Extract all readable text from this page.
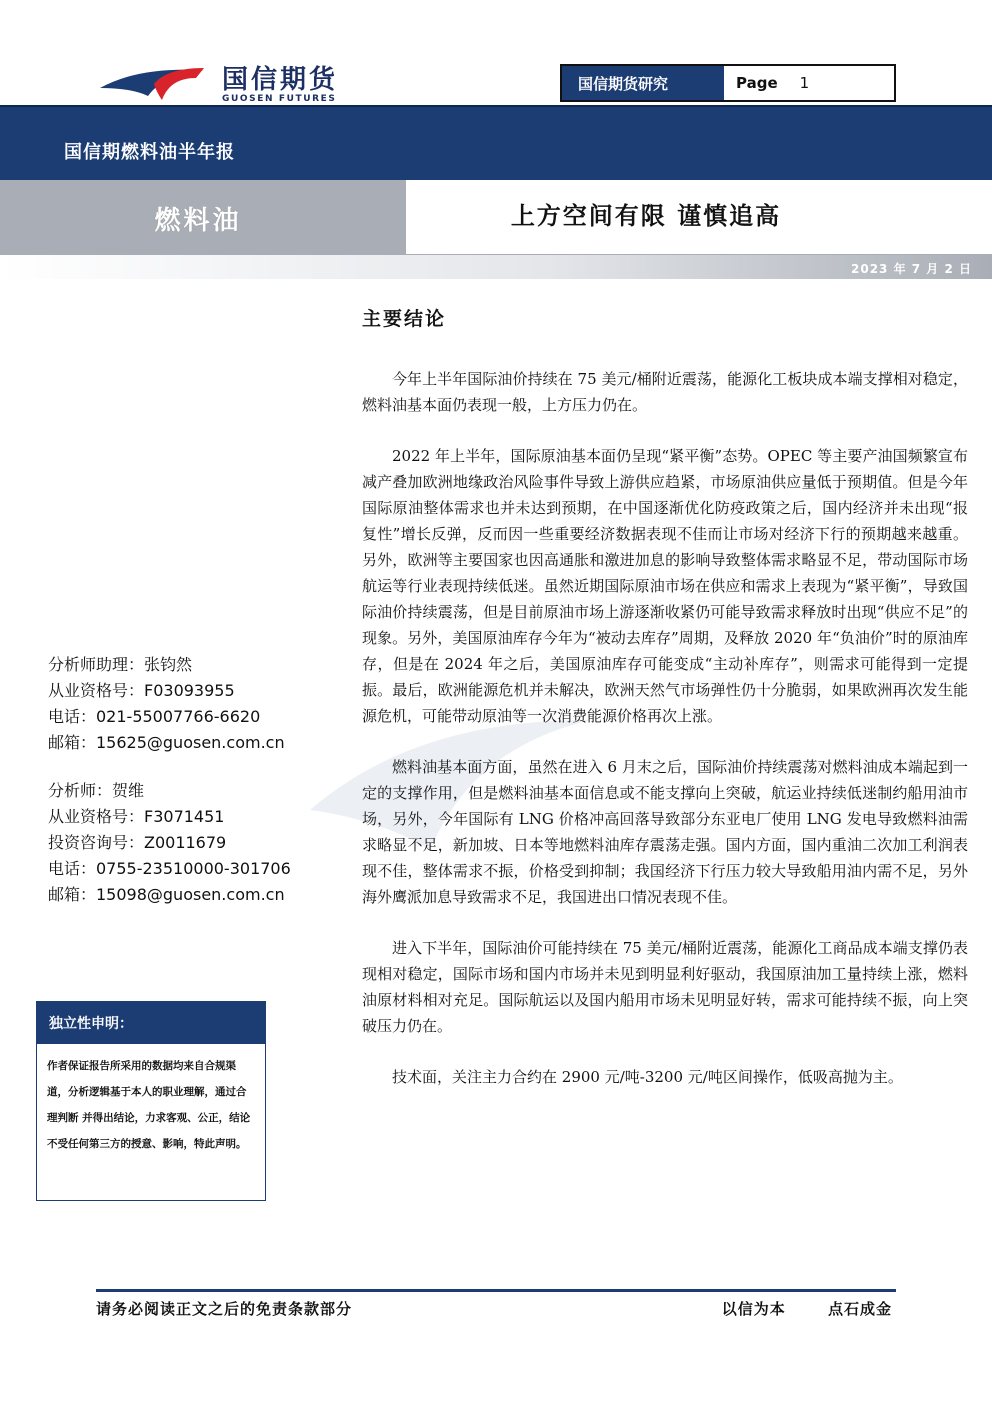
国信期货
GUOSEN FUTURES
国信期货研究	Page 1
国信期燃料油半年报
燃料油	上方空间有限 谨慎追高
2023 年 7 月 2 日
主要结论

今年上半年国际油价持续在 75 美元/桶附近震荡，能源化工板块成本端支撑相对稳定，燃料油基本面仍表现一般，上方压力仍在。

2022 年上半年，国际原油基本面仍呈现“紧平衡”态势。OPEC 等主要产油国频繁宣布减产叠加欧洲地缘政治风险事件导致上游供应趋紧，市场原油供应量低于预期值。但是今年国际原油整体需求也并未达到预期，在中国逐渐优化防疫政策之后，国内经济并未出现“报复性”增长反弹，反而因一些重要经济数据表现不佳而让市场对经济下行的预期越来越重。另外，欧洲等主要国家也因高通胀和激进加息的影响导致整体需求略显不足，带动国际市场航运等行业表现持续低迷。虽然近期国际原油市场在供应和需求上表现为“紧平衡”，导致国际油价持续震荡，但是目前原油市场上游逐渐收紧仍可能导致需求释放时出现“供应不足”的现象。另外，美国原油库存今年为“被动去库存”周期，及释放 2020 年“负油价”时的原油库存，但是在 2024 年之后，美国原油库存可能变成“主动补库存”，则需求可能得到一定提振。最后，欧洲能源危机并未解决，欧洲天然气市场弹性仍十分脆弱，如果欧洲再次发生能源危机，可能带动原油等一次消费能源价格再次上涨。

燃料油基本面方面，虽然在进入 6 月末之后，国际油价持续震荡对燃料油成本端起到一定的支撑作用，但是燃料油基本面信息或不能支撑向上突破，航运业持续低迷制约船用油市场，另外，今年国际有 LNG 价格冲高回落导致部分东亚电厂使用 LNG 发电导致燃料油需求略显不足，新加坡、日本等地燃料油库存震荡走强。国内方面，国内重油二次加工利润表现不佳，整体需求不振，价格受到抑制；我国经济下行压力较大导致船用油内需不足，另外海外鹰派加息导致需求不足，我国进出口情况表现不佳。

进入下半年，国际油价可能持续在 75 美元/桶附近震荡，能源化工商品成本端支撑仍表现相对稳定，国际市场和国内市场并未见到明显利好驱动，我国原油加工量持续上涨，燃料油原材料相对充足。国际航运以及国内船用市场未见明显好转，需求可能持续不振，向上突破压力仍在。

技术面，关注主力合约在 2900 元/吨-3200 元/吨区间操作，低吸高抛为主。

分析师助理：张钧然
从业资格号：F03093955
电话：021-55007766-6620
邮箱：15625@guosen.com.cn
分析师：贺维
从业资格号：F3071451
投资咨询号：Z0011679
电话：0755-23510000-301706
邮箱：15098@guosen.com.cn
独立性申明：
作者保证报告所采用的数据均来自合规渠道，分析逻辑基于本人的职业理解，通过合理判断 并得出结论，力求客观、公正，结论不受任何第三方的授意、影响，特此声明。
请务必阅读正文之后的免责条款部分	以信为本	点石成金
